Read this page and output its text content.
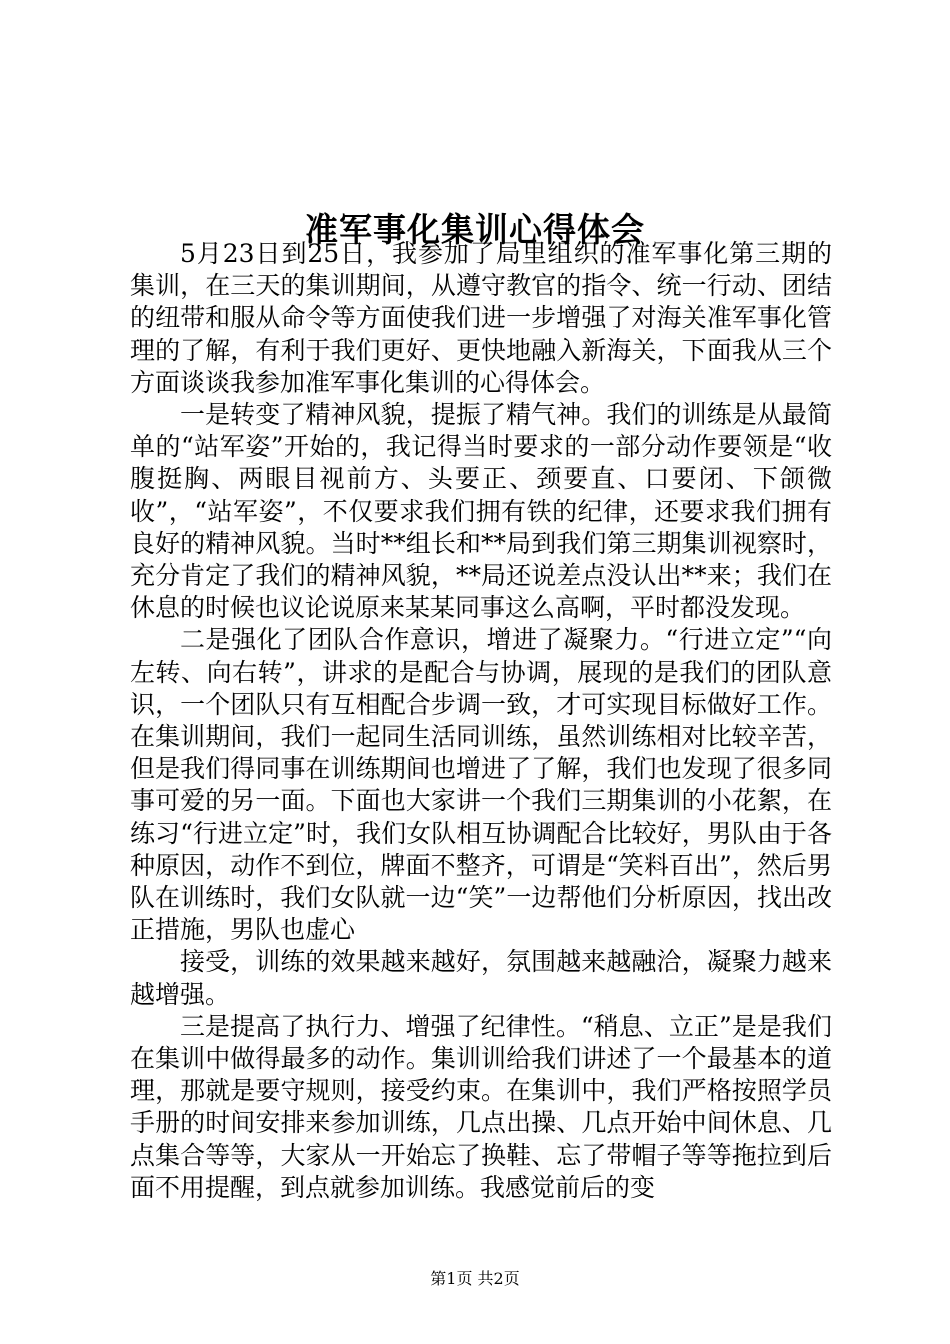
准军事化集训心得体会

5月23日到25日，我参加了局里组织的准军事化第三期的集训，在三天的集训期间，从遵守教官的指令、统一行动、团结的纽带和服从命令等方面使我们进一步增强了对海关准军事化管理的了解，有利于我们更好、更快地融入新海关，下面我从三个方面谈谈我参加准军事化集训的心得体会。

一是转变了精神风貌，提振了精气神。我们的训练是从最简单的“站军姿”开始的，我记得当时要求的一部分动作要领是“收腹挺胸、两眼目视前方、头要正、颈要直、口要闭、下颌微收”，“站军姿”，不仅要求我们拥有铁的纪律，还要求我们拥有良好的精神风貌。当时**组长和**局到我们第三期集训视察时，充分肯定了我们的精神风貌，**局还说差点没认出**来；我们在休息的时候也议论说原来某某同事这么高啊，平时都没发现。

二是强化了团队合作意识，增进了凝聚力。“行进立定”“向左转、向右转”，讲求的是配合与协调，展现的是我们的团队意识，一个团队只有互相配合步调一致，才可实现目标做好工作。在集训期间，我们一起同生活同训练，虽然训练相对比较辛苦，但是我们得同事在训练期间也增进了了解，我们也发现了很多同事可爱的另一面。下面也大家讲一个我们三期集训的小花絮，在练习“行进立定”时，我们女队相互协调配合比较好，男队由于各种原因，动作不到位，牌面不整齐，可谓是“笑料百出”，然后男队在训练时，我们女队就一边“笑”一边帮他们分析原因，找出改正措施，男队也虚心

接受，训练的效果越来越好，氛围越来越融洽，凝聚力越来越增强。

三是提高了执行力、增强了纪律性。“稍息、立正”是是我们在集训中做得最多的动作。集训训给我们讲述了一个最基本的道理，那就是要守规则，接受约束。在集训中，我们严格按照学员手册的时间安排来参加训练，几点出操、几点开始中间休息、几点集合等等，大家从一开始忘了换鞋、忘了带帽子等等拖拉到后面不用提醒，到点就参加训练。我感觉前后的变

第1页 共2页
